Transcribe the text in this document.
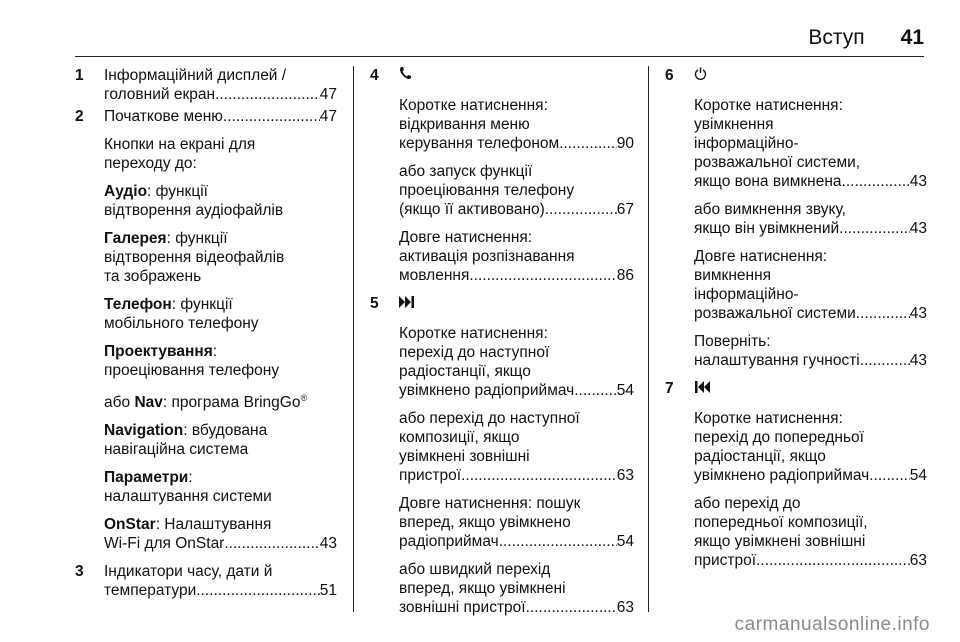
Вступ 41
1	Інформаційний дисплей /
головний екран .....	47
2	Початкове меню .....	47

Кнопки на екрані для
переходу до:

Аудіо: функції
відтворення аудіофайлів

Галерея: функції
відтворення відеофайлів
та зображень

Телефон: функції
мобільного телефону

Проектування:
проеціювання телефону

або Nav: програма BringGo®

Navigation: вбудована
навігаційна система

Параметри:
налаштування системи

OnStar: Налаштування
Wi-Fi для OnStar .....	43
3	Індикатори часу, дати й
температури .....	51
4

Коротке натиснення:
відкривання меню
керування телефоном .....	90
або запуск функції
проеціювання телефону
(якщо її активовано) .....	67
Довге натиснення:
активація розпізнавання
мовлення .....	86
5

Коротке натиснення:
перехід до наступної
радіостанції, якщо
увімкнено радіоприймач .....	54
або перехід до наступної
композиції, якщо
увімкнені зовнішні
пристрої .....	63
Довге натиснення: пошук
вперед, якщо увімкнено
радіоприймач .....	54
або швидкий перехід
вперед, якщо увімкнені
зовнішні пристрої .....	63
6

Коротке натиснення:
увімкнення
інформаційно-
розважальної системи,
якщо вона вимкнена .....	43
або вимкнення звуку,
якщо він увімкнений .....	43
Довге натиснення:
вимкнення
інформаційно-
розважальної системи .....	43
Поверніть:
налаштування гучності .....	43
7

Коротке натиснення:
перехід до попередньої
радіостанції, якщо
увімкнено радіоприймач .....	54
або перехід до
попередньої композиції,
якщо увімкнені зовнішні
пристрої .....	63
carmanualsonline.info
